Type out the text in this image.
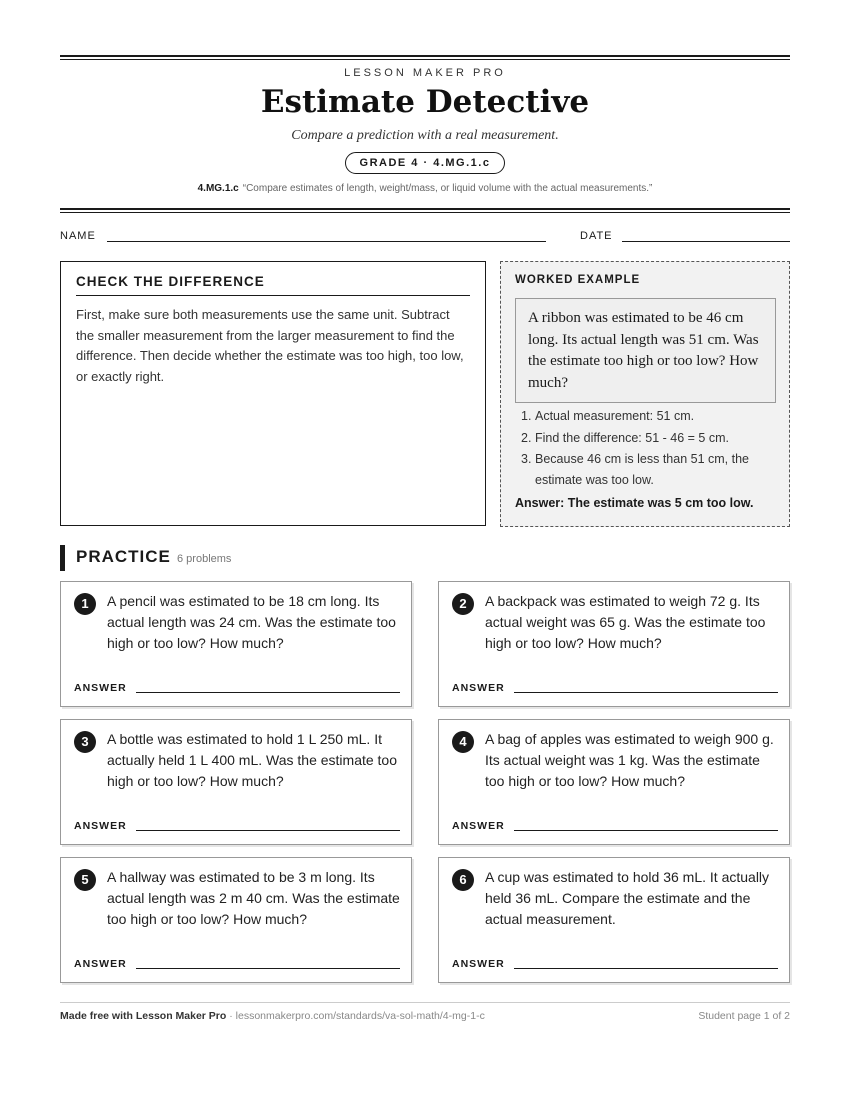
LESSON MAKER PRO
Estimate Detective
Compare a prediction with a real measurement.
GRADE 4 · 4.MG.1.c
4.MG.1.c “Compare estimates of length, weight/mass, or liquid volume with the actual measurements.”
NAME	DATE
CHECK THE DIFFERENCE
First, make sure both measurements use the same unit. Subtract the smaller measurement from the larger measurement to find the difference. Then decide whether the estimate was too high, too low, or exactly right.
WORKED EXAMPLE
A ribbon was estimated to be 46 cm long. Its actual length was 51 cm. Was the estimate too high or too low? How much?
1. Actual measurement: 51 cm.
2. Find the difference: 51 - 46 = 5 cm.
3. Because 46 cm is less than 51 cm, the estimate was too low.
Answer: The estimate was 5 cm too low.
PRACTICE 6 problems
1	A pencil was estimated to be 18 cm long. Its actual length was 24 cm. Was the estimate too high or too low? How much?
ANSWER
2	A backpack was estimated to weigh 72 g. Its actual weight was 65 g. Was the estimate too high or too low? How much?
ANSWER
3	A bottle was estimated to hold 1 L 250 mL. It actually held 1 L 400 mL. Was the estimate too high or too low? How much?
ANSWER
4	A bag of apples was estimated to weigh 900 g. Its actual weight was 1 kg. Was the estimate too high or too low? How much?
ANSWER
5	A hallway was estimated to be 3 m long. Its actual length was 2 m 40 cm. Was the estimate too high or too low? How much?
ANSWER
6	A cup was estimated to hold 36 mL. It actually held 36 mL. Compare the estimate and the actual measurement.
ANSWER
Made free with Lesson Maker Pro · lessonmakerpro.com/standards/va-sol-math/4-mg-1-c	Student page 1 of 2
